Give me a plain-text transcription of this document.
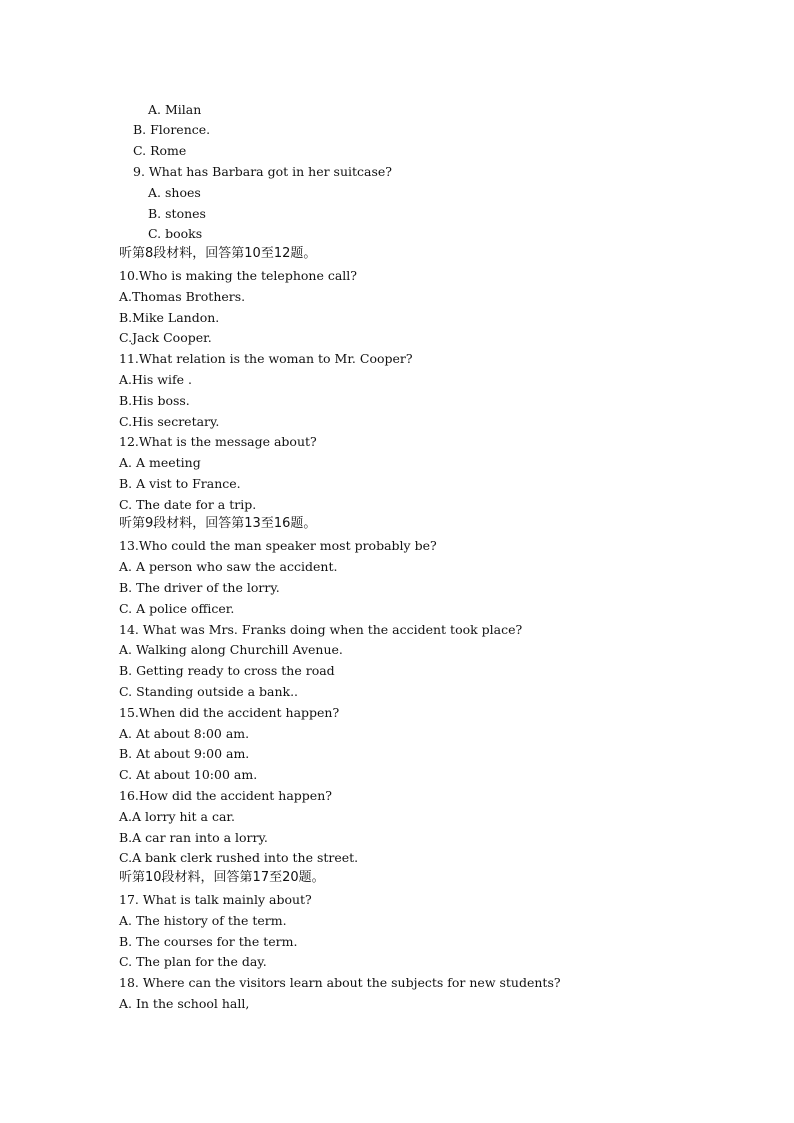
A. Milan
B. Florence.
C. Rome
9. What has Barbara got in her suitcase?
A. shoes
B. stones
C. books
听第8段材料，回答第10至12题。
10.Who is making the telephone call?
A.Thomas Brothers.
B.Mike Landon.
C.Jack Cooper.
11.What relation is the woman to Mr. Cooper?
A.His wife .
B.His boss.
C.His secretary.
12.What is the message about?
A. A meeting
B. A vist to France.
C. The date for a trip.
听第9段材料，回答第13至16题。
13.Who could the man speaker most probably be?
A. A person who saw the accident.
B. The driver of the lorry.
C. A police officer.
14. What was Mrs. Franks doing when the accident took place?
A. Walking along Churchill Avenue.
B. Getting ready to cross the road
C. Standing outside a bank..
15.When did the accident happen?
A. At about 8:00 am.
B. At about 9:00 am.
C. At about 10:00 am.
16.How did the accident happen?
A.A lorry hit a car.
B.A car ran into a lorry.
C.A bank clerk rushed into the street.
听第10段材料，回答第17至20题。
17. What is talk mainly about?
A. The history of the term.
B. The courses for the term.
C. The plan for the day.
18. Where can the visitors learn about the subjects for new students?
A. In the school hall,
